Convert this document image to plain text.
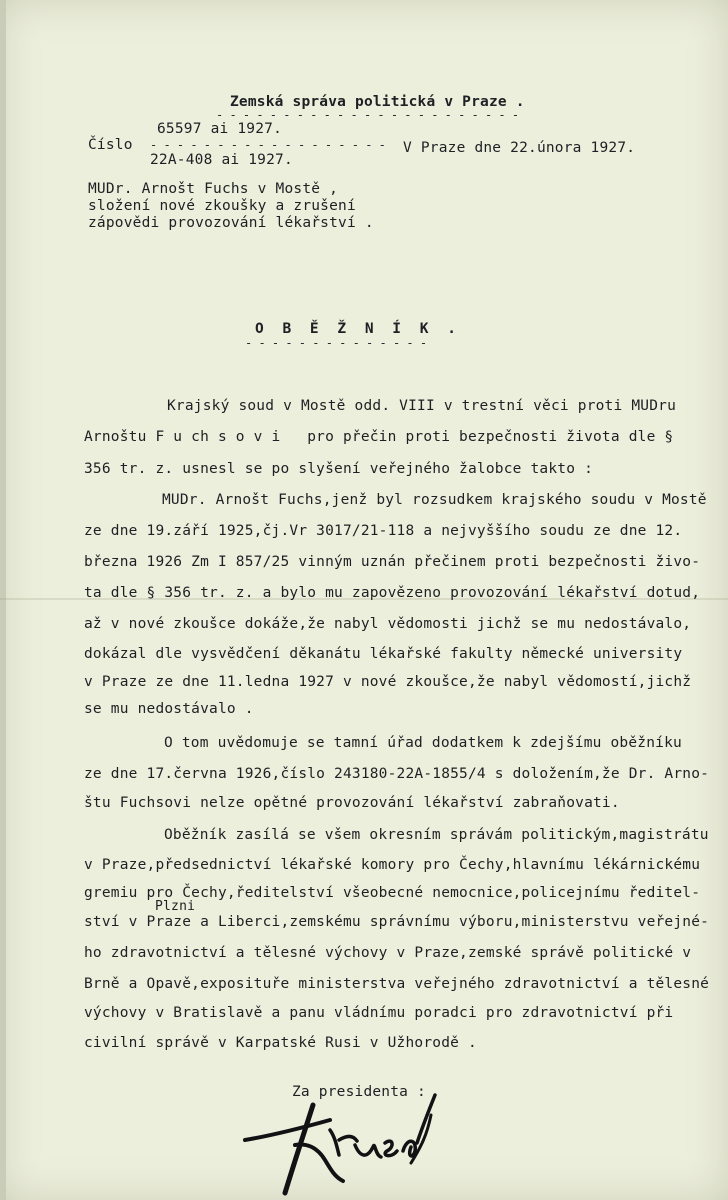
Zemská správa politická v Praze .
- - - - - - - - - - - - - - - - - - - - - - -
Číslo
65597 ai 1927.
- - - - - - - - - - - - - - - - - -
22A-408 ai 1927.
V Praze dne 22.února 1927.
MUDr. Arnošt Fuchs v Mostě ,
složení nové zkoušky a zrušení
zápovědi provozování lékařství .
O B Ě Ž N Í K .
- - - - - - - - - - - - - -
Krajský soud v Mostě odd. VIII v trestní věci proti MUDru
Arnoštu F u ch s o v i   pro přečin proti bezpečnosti života dle §
356 tr. z. usnesl se po slyšení veřejného žalobce takto :
MUDr. Arnošt Fuchs,jenž byl rozsudkem krajského soudu v Mostě
ze dne 19.září 1925,čj.Vr 3017/21-118 a nejvyššího soudu ze dne 12.
března 1926 Zm I 857/25 vinným uznán přečinem proti bezpečnosti živo-
ta dle § 356 tr. z. a bylo mu zapovězeno provozování lékařství dotud,
až v nové zkoušce dokáže,že nabyl vědomosti jichž se mu nedostávalo,
dokázal dle vysvědčení děkanátu lékařské fakulty německé university
v Praze ze dne 11.ledna 1927 v nové zkoušce,že nabyl vědomostí,jichž
se mu nedostávalo .
O tom uvědomuje se tamní úřad dodatkem k zdejšímu oběžníku
ze dne 17.června 1926,číslo 243180-22A-1855/4 s doložením,že Dr. Arno-
štu Fuchsovi nelze opětné provozování lékařství zabraňovati.
Oběžník zasílá se všem okresním správám politickým,magistrátu
v Praze,předsednictví lékařské komory pro Čechy,hlavnímu lékárnickému
gremiu pro Čechy,ředitelství všeobecné nemocnice,policejnímu ředitel-
Plzni
ství v Praze a Liberci,zemskému správnímu výboru,ministerstvu veřejné-
ho zdravotnictví a tělesné výchovy v Praze,zemské správě politické v
Brně a Opavě,exposituře ministerstva veřejného zdravotnictví a tělesné
výchovy v Bratislavě a panu vládnímu poradci pro zdravotnictví při
civilní správě v Karpatské Rusi v Užhorodě .
Za presidenta :
